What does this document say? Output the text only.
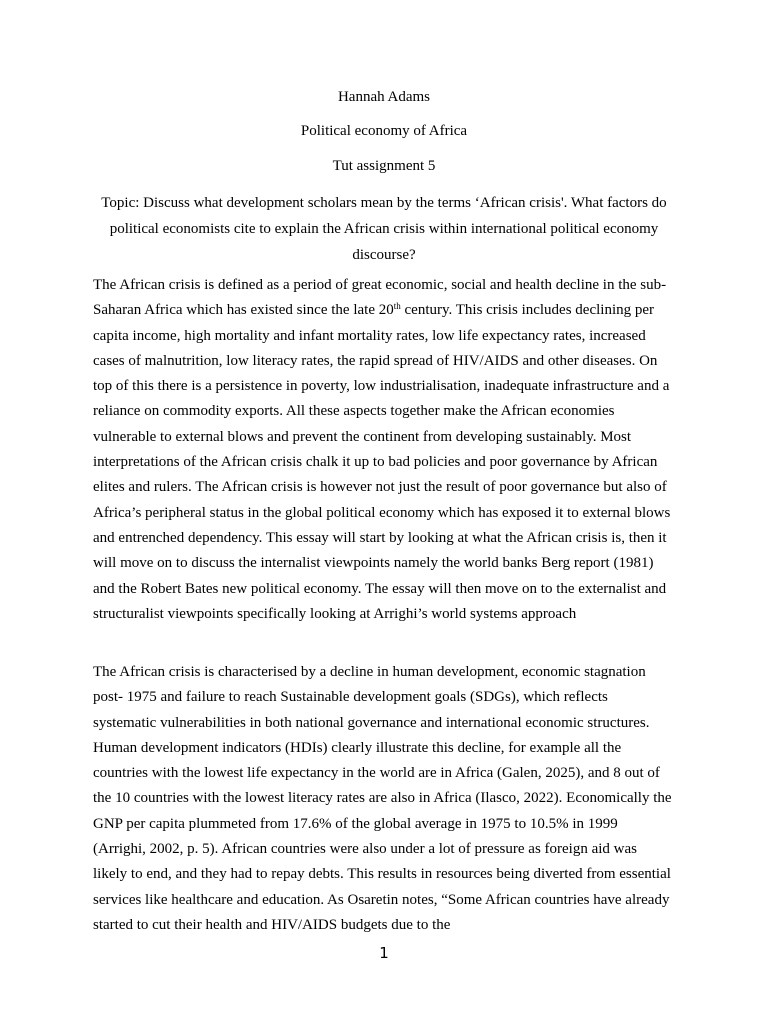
Hannah Adams
Political economy of Africa
Tut assignment 5
Topic: Discuss what development scholars mean by the terms ‘African crisis'. What factors do political economists cite to explain the African crisis within international political economy discourse?

The African crisis is defined as a period of great economic, social and health decline in the sub- Saharan Africa which has existed since the late 20th century. This crisis includes declining per capita income, high mortality and infant mortality rates, low life expectancy rates, increased cases of malnutrition, low literacy rates, the rapid spread of HIV/AIDS and other diseases. On top of this there is a persistence in poverty, low industrialisation, inadequate infrastructure and a reliance on commodity exports. All these aspects together make the African economies vulnerable to external blows and prevent the continent from developing sustainably. Most interpretations of the African crisis chalk it up to bad policies and poor governance by African elites and rulers. The African crisis is however not just the result of poor governance but also of Africa’s peripheral status in the global political economy which has exposed it to external blows and entrenched dependency. This essay will start by looking at what the African crisis is, then it will move on to discuss the internalist viewpoints namely the world banks Berg report (1981) and the Robert Bates new political economy. The essay will then move on to the externalist and structuralist viewpoints specifically looking at Arrighi’s world systems approach

The African crisis is characterised by a decline in human development, economic stagnation post- 1975 and failure to reach Sustainable development goals (SDGs), which reflects systematic vulnerabilities in both national governance and international economic structures. Human development indicators (HDIs) clearly illustrate this decline, for example all the countries with the lowest life expectancy in the world are in Africa (Galen, 2025), and 8 out of the 10 countries with the lowest literacy rates are also in Africa (Ilasco, 2022). Economically the GNP per capita plummeted from 17.6% of the global average in 1975 to 10.5% in 1999 (Arrighi, 2002, p. 5). African countries were also under a lot of pressure as foreign aid was likely to end, and they had to repay debts. This results in resources being diverted from essential services like healthcare and education. As Osaretin notes, “Some African countries have already started to cut their health and HIV/AIDS budgets due to the

1
